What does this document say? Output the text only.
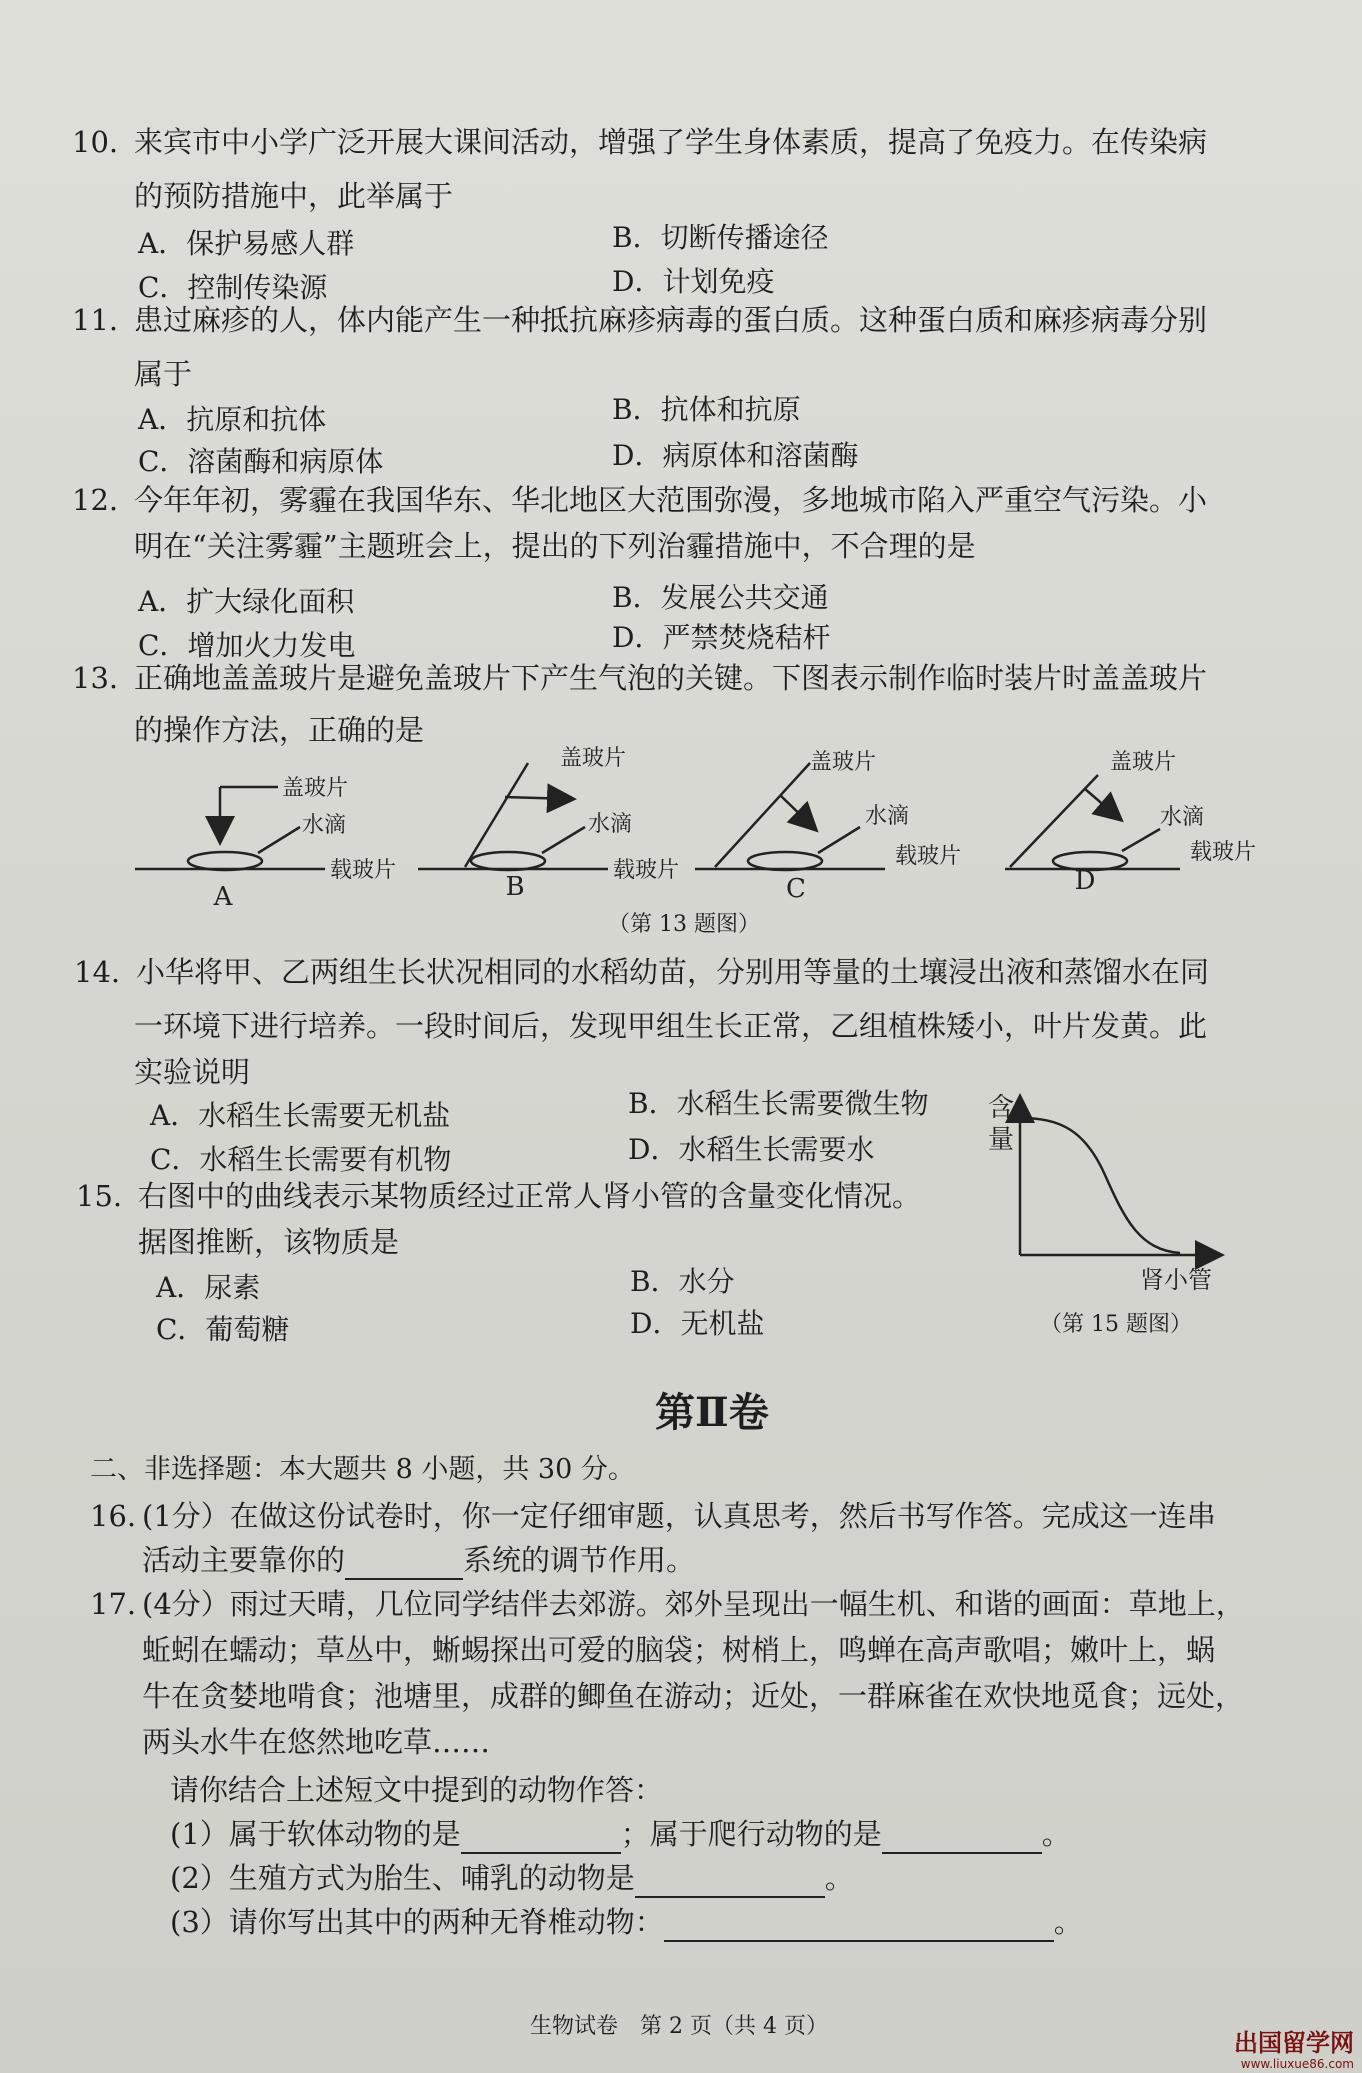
10. 来宾市中小学广泛开展大课间活动，增强了学生身体素质，提高了免疫力。在传染病
的预防措施中，此举属于
A．保护易感人群	B．切断传播途径
C．控制传染源	D．计划免疫
11. 患过麻疹的人，体内能产生一种抵抗麻疹病毒的蛋白质。这种蛋白质和麻疹病毒分别
属于
A．抗原和抗体	B．抗体和抗原
C．溶菌酶和病原体	D．病原体和溶菌酶
12. 今年年初，雾霾在我国华东、华北地区大范围弥漫，多地城市陷入严重空气污染。小
明在“关注雾霾”主题班会上，提出的下列治霾措施中，不合理的是
A．扩大绿化面积	B．发展公共交通
C．增加火力发电	D．严禁焚烧秸杆
13. 正确地盖盖玻片是避免盖玻片下产生气泡的关键。下图表示制作临时装片时盖盖玻片
的操作方法，正确的是
盖玻片
水滴
载玻片
A
盖玻片
水滴
载玻片
B
盖玻片
水滴
载玻片
C
盖玻片
水滴
载玻片
D
（第 13 题图）
14. 小华将甲、乙两组生长状况相同的水稻幼苗，分别用等量的土壤浸出液和蒸馏水在同
一环境下进行培养。一段时间后，发现甲组生长正常，乙组植株矮小，叶片发黄。此
实验说明
A．水稻生长需要无机盐	B．水稻生长需要微生物
C．水稻生长需要有机物	D．水稻生长需要水
15. 右图中的曲线表示某物质经过正常人肾小管的含量变化情况。
据图推断，该物质是
A．尿素	B．水分
C．葡萄糖	D．无机盐
含
量
肾小管
（第 15 题图）
第Ⅱ卷
二、非选择题：本大题共 8 小题，共 30 分。
16. (1分）在做这份试卷时，你一定仔细审题，认真思考，然后书写作答。完成这一连串
活动主要靠你的	系统的调节作用。
17. (4分）雨过天晴，几位同学结伴去郊游。郊外呈现出一幅生机、和谐的画面：草地上，
蚯蚓在蠕动；草丛中，蜥蜴探出可爱的脑袋；树梢上，鸣蝉在高声歌唱；嫩叶上，蜗
牛在贪婪地啃食；池塘里，成群的鲫鱼在游动；近处，一群麻雀在欢快地觅食；远处，
两头水牛在悠然地吃草……
请你结合上述短文中提到的动物作答：
(1）属于软体动物的是	；属于爬行动物的是	。
(2）生殖方式为胎生、哺乳的动物是	。
(3）请你写出其中的两种无脊椎动物：	。
生物试卷　第 2 页（共 4 页）
出国留学网
www.liuxue86.com
